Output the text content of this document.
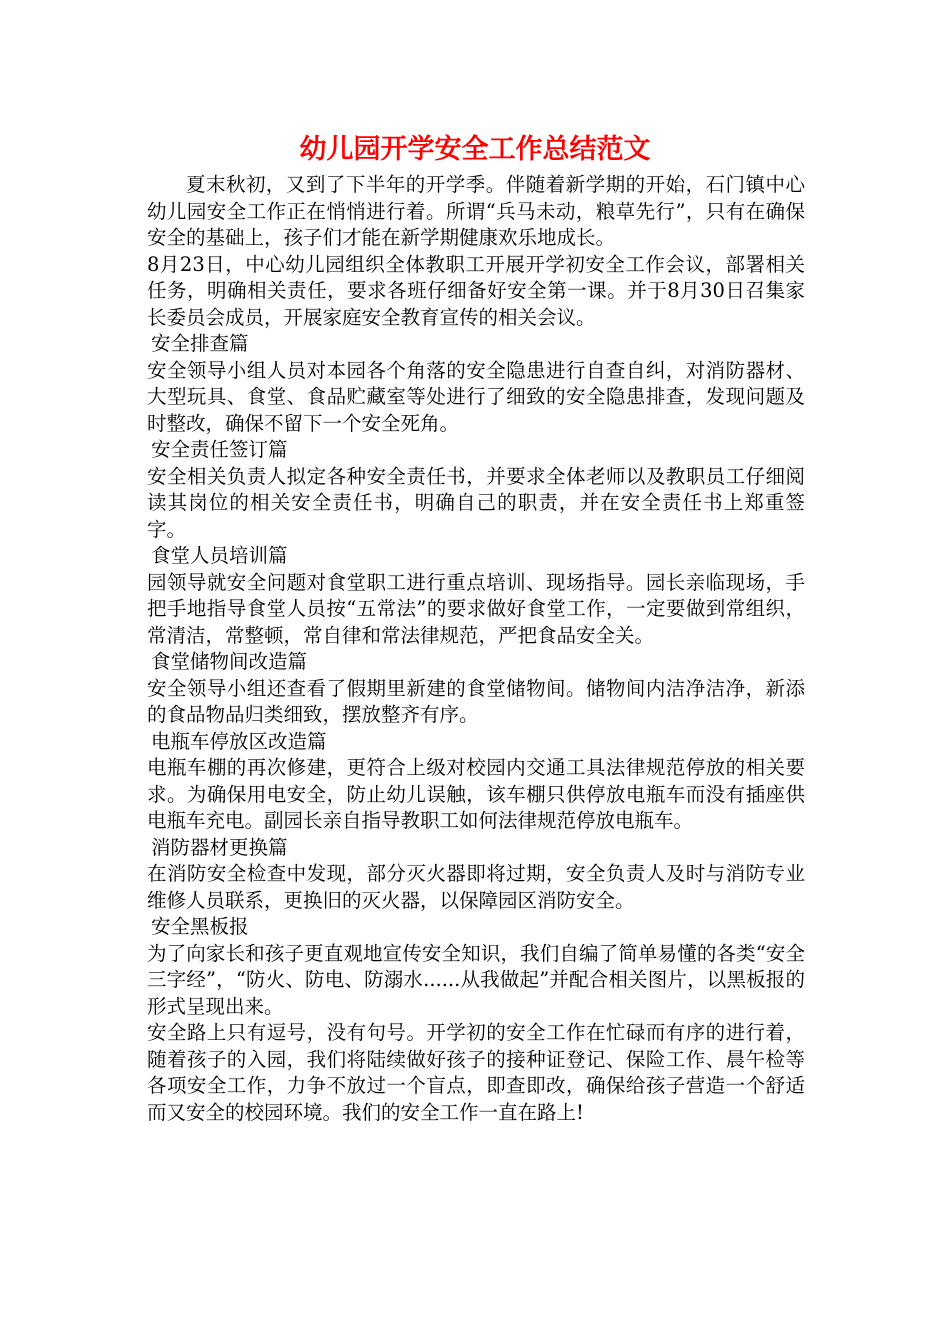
幼儿园开学安全工作总结范文

夏末秋初，又到了下半年的开学季。伴随着新学期的开始，石门镇中心幼儿园安全工作正在悄悄进行着。所谓“兵马未动，粮草先行”，只有在确保安全的基础上，孩子们才能在新学期健康欢乐地成长。

8月23日，中心幼儿园组织全体教职工开展开学初安全工作会议，部署相关任务，明确相关责任，要求各班仔细备好安全第一课。并于8月30日召集家长委员会成员，开展家庭安全教育宣传的相关会议。

安全排查篇

安全领导小组人员对本园各个角落的安全隐患进行自查自纠，对消防器材、大型玩具、食堂、食品贮藏室等处进行了细致的安全隐患排查，发现问题及时整改，确保不留下一个安全死角。

安全责任签订篇

安全相关负责人拟定各种安全责任书，并要求全体老师以及教职员工仔细阅读其岗位的相关安全责任书，明确自己的职责，并在安全责任书上郑重签字。

食堂人员培训篇

园领导就安全问题对食堂职工进行重点培训、现场指导。园长亲临现场，手把手地指导食堂人员按“五常法”的要求做好食堂工作，一定要做到常组织，常清洁，常整顿，常自律和常法律规范，严把食品安全关。

食堂储物间改造篇

安全领导小组还查看了假期里新建的食堂储物间。储物间内洁净洁净，新添的食品物品归类细致，摆放整齐有序。

电瓶车停放区改造篇

电瓶车棚的再次修建，更符合上级对校园内交通工具法律规范停放的相关要求。为确保用电安全，防止幼儿误触，该车棚只供停放电瓶车而没有插座供电瓶车充电。副园长亲自指导教职工如何法律规范停放电瓶车。

消防器材更换篇

在消防安全检查中发现，部分灭火器即将过期，安全负责人及时与消防专业维修人员联系，更换旧的灭火器，以保障园区消防安全。

安全黑板报

为了向家长和孩子更直观地宣传安全知识，我们自编了简单易懂的各类“安全三字经”，“防火、防电、防溺水......从我做起”并配合相关图片，以黑板报的形式呈现出来。

安全路上只有逗号，没有句号。开学初的安全工作在忙碌而有序的进行着，随着孩子的入园，我们将陆续做好孩子的接种证登记、保险工作、晨午检等各项安全工作，力争不放过一个盲点，即查即改，确保给孩子营造一个舒适而又安全的校园环境。我们的安全工作一直在路上!
